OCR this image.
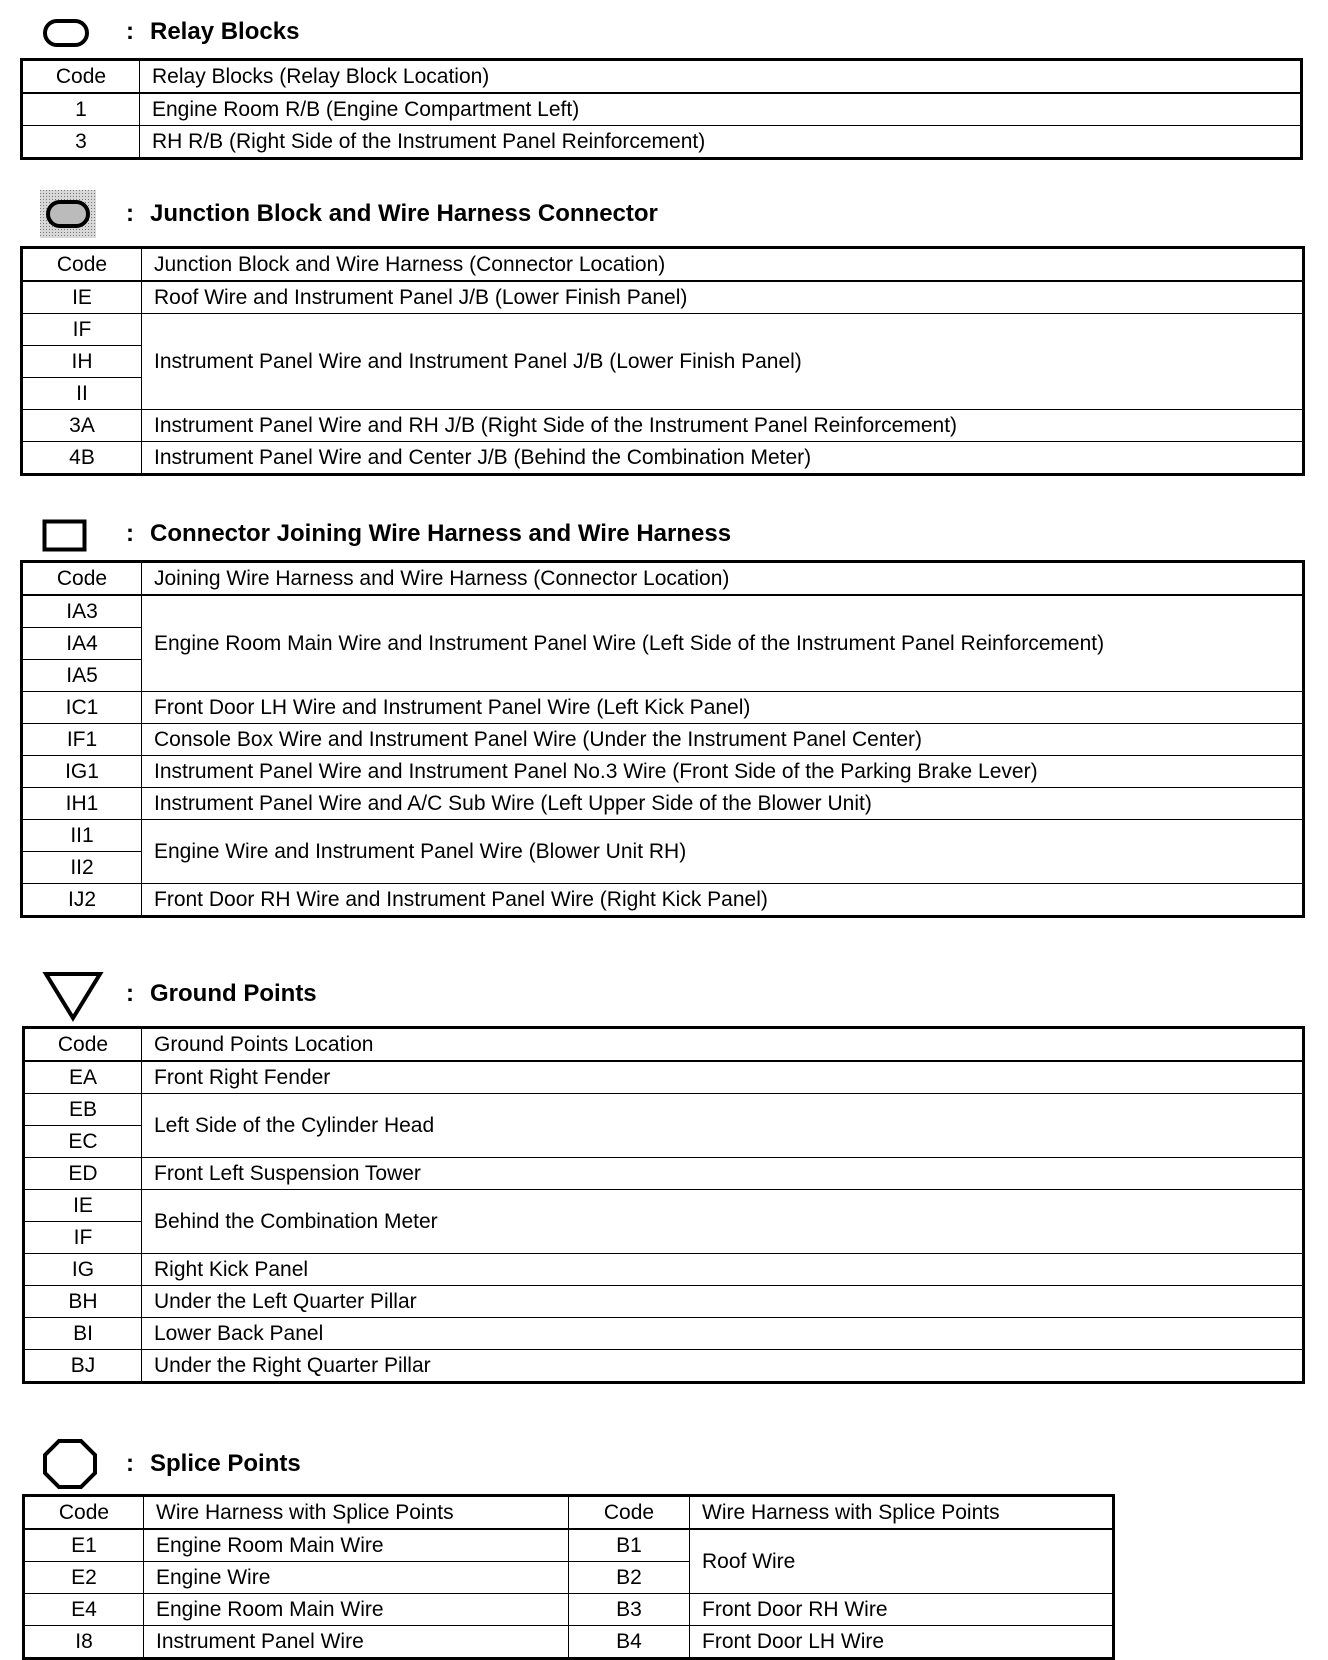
: Relay Blocks
Code	Relay Blocks (Relay Block Location)
1	Engine Room R/B (Engine Compartment Left)
3	RH R/B (Right Side of the Instrument Panel Reinforcement)
: Junction Block and Wire Harness Connector
Code	Junction Block and Wire Harness (Connector Location)
IE	Roof Wire and Instrument Panel J/B (Lower Finish Panel)
IF	Instrument Panel Wire and Instrument Panel J/B (Lower Finish Panel)
IH	
II	
3A	Instrument Panel Wire and RH J/B (Right Side of the Instrument Panel Reinforcement)
4B	Instrument Panel Wire and Center J/B (Behind the Combination Meter)
: Connector Joining Wire Harness and Wire Harness
Code	Joining Wire Harness and Wire Harness (Connector Location)
IA3	Engine Room Main Wire and Instrument Panel Wire (Left Side of the Instrument Panel Reinforcement)
IA4	
IA5	
IC1	Front Door LH Wire and Instrument Panel Wire (Left Kick Panel)
IF1	Console Box Wire and Instrument Panel Wire (Under the Instrument Panel Center)
IG1	Instrument Panel Wire and Instrument Panel No.3 Wire (Front Side of the Parking Brake Lever)
IH1	Instrument Panel Wire and A/C Sub Wire (Left Upper Side of the Blower Unit)
II1	Engine Wire and Instrument Panel Wire (Blower Unit RH)
II2	
IJ2	Front Door RH Wire and Instrument Panel Wire (Right Kick Panel)
: Ground Points
Code	Ground Points Location
EA	Front Right Fender
EB	Left Side of the Cylinder Head
EC	
ED	Front Left Suspension Tower
IE	Behind the Combination Meter
IF	
IG	Right Kick Panel
BH	Under the Left Quarter Pillar
BI	Lower Back Panel
BJ	Under the Right Quarter Pillar
: Splice Points
Code	Wire Harness with Splice Points	Code	Wire Harness with Splice Points
E1	Engine Room Main Wire	B1	Roof Wire
E2	Engine Wire	B2	
E4	Engine Room Main Wire	B3	Front Door RH Wire
I8	Instrument Panel Wire	B4	Front Door LH Wire
